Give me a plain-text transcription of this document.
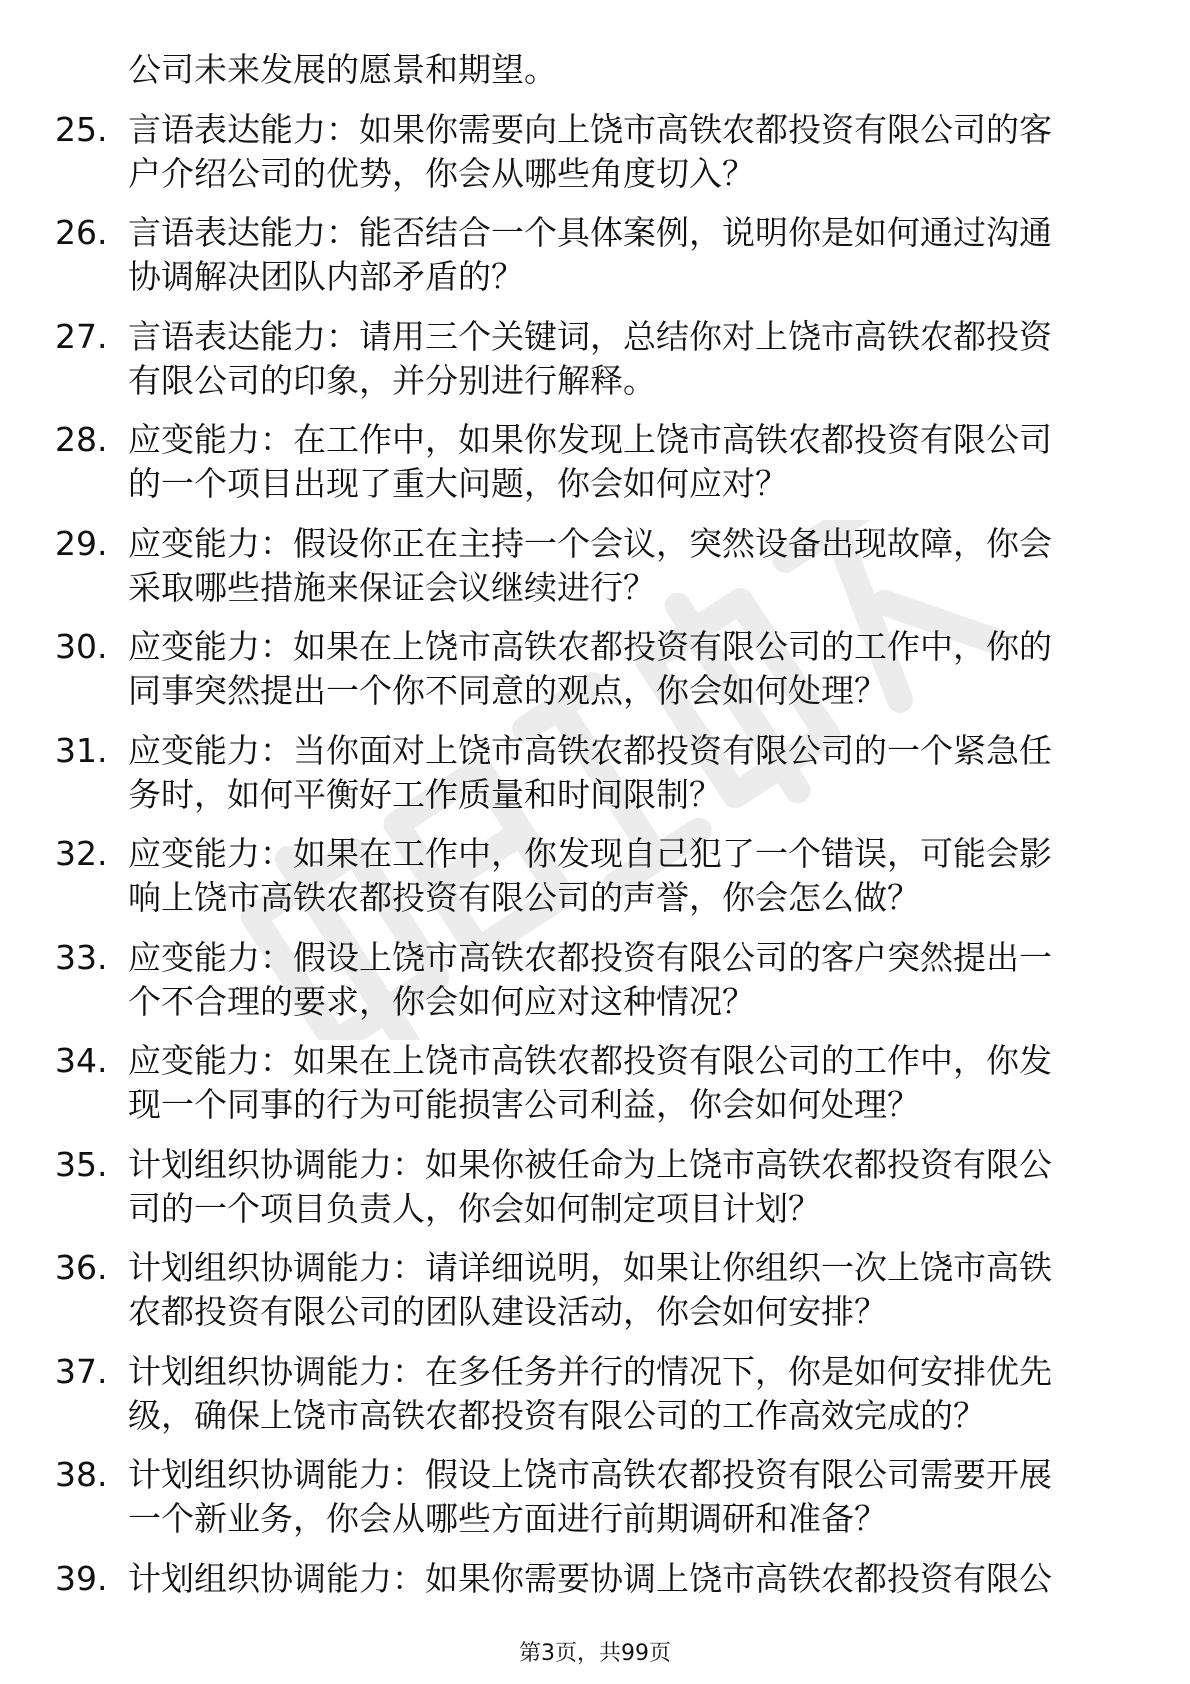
公司未来发展的愿景和期望。
25. 言语表达能力：如果你需要向上饶市高铁农都投资有限公司的客
户介绍公司的优势，你会从哪些角度切入？
26. 言语表达能力：能否结合一个具体案例，说明你是如何通过沟通
协调解决团队内部矛盾的？
27. 言语表达能力：请用三个关键词，总结你对上饶市高铁农都投资
有限公司的印象，并分别进行解释。
28. 应变能力：在工作中，如果你发现上饶市高铁农都投资有限公司
的一个项目出现了重大问题，你会如何应对？
29. 应变能力：假设你正在主持一个会议，突然设备出现故障，你会
采取哪些措施来保证会议继续进行？
30. 应变能力：如果在上饶市高铁农都投资有限公司的工作中，你的
同事突然提出一个你不同意的观点，你会如何处理？
31. 应变能力：当你面对上饶市高铁农都投资有限公司的一个紧急任
务时，如何平衡好工作质量和时间限制？
32. 应变能力：如果在工作中，你发现自己犯了一个错误，可能会影
响上饶市高铁农都投资有限公司的声誉，你会怎么做？
33. 应变能力：假设上饶市高铁农都投资有限公司的客户突然提出一
个不合理的要求，你会如何应对这种情况？
34. 应变能力：如果在上饶市高铁农都投资有限公司的工作中，你发
现一个同事的行为可能损害公司利益，你会如何处理？
35. 计划组织协调能力：如果你被任命为上饶市高铁农都投资有限公
司的一个项目负责人，你会如何制定项目计划？
36. 计划组织协调能力：请详细说明，如果让你组织一次上饶市高铁
农都投资有限公司的团队建设活动，你会如何安排？
37. 计划组织协调能力：在多任务并行的情况下，你是如何安排优先
级，确保上饶市高铁农都投资有限公司的工作高效完成的？
38. 计划组织协调能力：假设上饶市高铁农都投资有限公司需要开展
一个新业务，你会从哪些方面进行前期调研和准备？
39. 计划组织协调能力：如果你需要协调上饶市高铁农都投资有限公
第3页，共99页
